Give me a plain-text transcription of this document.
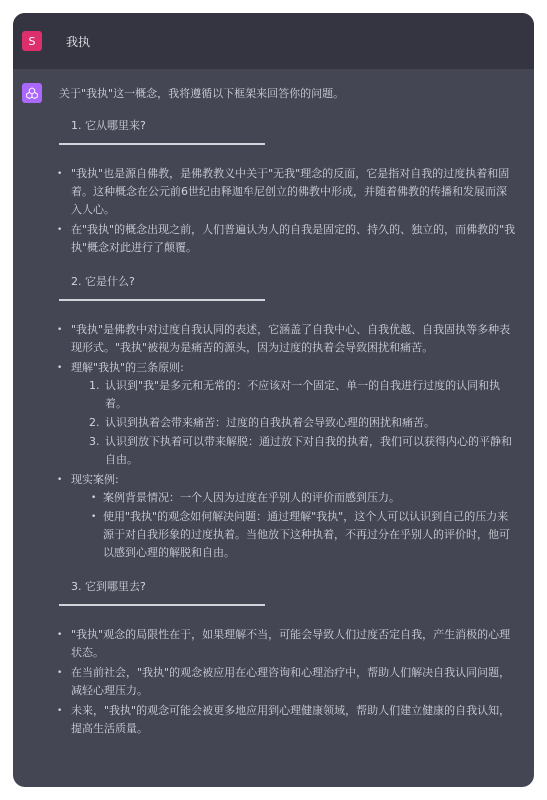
S	我执

关于"我执"这一概念，我将遵循以下框架来回答你的问题。

1. 它从哪里来?
• "我执"也是源自佛教，是佛教教义中关于"无我"理念的反面，它是指对自我的过度执着和固着。这种概念在公元前6世纪由释迦牟尼创立的佛教中形成，并随着佛教的传播和发展而深入人心。
• 在"我执"的概念出现之前，人们普遍认为人的自我是固定的、持久的、独立的，而佛教的"我执"概念对此进行了颠覆。
2. 它是什么?
• "我执"是佛教中对过度自我认同的表述，它涵盖了自我中心、自我优越、自我固执等多种表现形式。"我执"被视为是痛苦的源头，因为过度的执着会导致困扰和痛苦。
• 理解"我执"的三条原则:
1. 认识到"我"是多元和无常的：不应该对一个固定、单一的自我进行过度的认同和执着。
2. 认识到执着会带来痛苦：过度的自我执着会导致心理的困扰和痛苦。
3. 认识到放下执着可以带来解脱：通过放下对自我的执着，我们可以获得内心的平静和自由。
• 现实案例:
• 案例背景情况：一个人因为过度在乎别人的评价而感到压力。
• 使用"我执"的观念如何解决问题：通过理解"我执"，这个人可以认识到自己的压力来源于对自我形象的过度执着。当他放下这种执着，不再过分在乎别人的评价时，他可以感到心理的解脱和自由。
3. 它到哪里去?
• "我执"观念的局限性在于，如果理解不当，可能会导致人们过度否定自我，产生消极的心理状态。
• 在当前社会，"我执"的观念被应用在心理咨询和心理治疗中，帮助人们解决自我认同问题，减轻心理压力。
• 未来，"我执"的观念可能会被更多地应用到心理健康领域，帮助人们建立健康的自我认知，提高生活质量。
